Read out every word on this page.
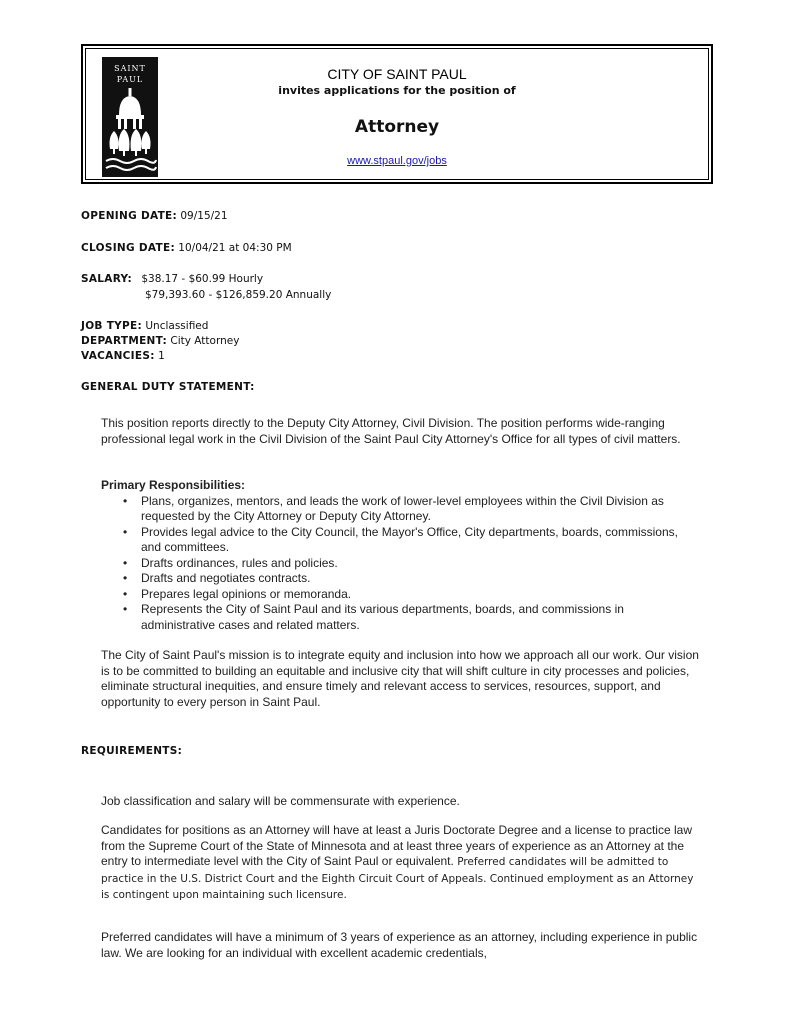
SAINT
PAUL	CITY OF SAINT PAUL
invites applications for the position of
Attorney
www.stpaul.gov/jobs
OPENING DATE: 09/15/21
CLOSING DATE: 10/04/21 at 04:30 PM
SALARY: $38.17 - $60.99 Hourly
$79,393.60 - $126,859.20 Annually
JOB TYPE: Unclassified
DEPARTMENT: City Attorney
VACANCIES: 1
GENERAL DUTY STATEMENT:
This position reports directly to the Deputy City Attorney, Civil Division. The position performs wide-ranging professional legal work in the Civil Division of the Saint Paul City Attorney's Office for all types of civil matters.
Primary Responsibilities:
• Plans, organizes, mentors, and leads the work of lower-level employees within the Civil Division as requested by the City Attorney or Deputy City Attorney.
• Provides legal advice to the City Council, the Mayor's Office, City departments, boards, commissions, and committees.
• Drafts ordinances, rules and policies.
• Drafts and negotiates contracts.
• Prepares legal opinions or memoranda.
• Represents the City of Saint Paul and its various departments, boards, and commissions in administrative cases and related matters.
The City of Saint Paul's mission is to integrate equity and inclusion into how we approach all our work. Our vision is to be committed to building an equitable and inclusive city that will shift culture in city processes and policies, eliminate structural inequities, and ensure timely and relevant access to services, resources, support, and opportunity to every person in Saint Paul.
REQUIREMENTS:
Job classification and salary will be commensurate with experience.
Candidates for positions as an Attorney will have at least a Juris Doctorate Degree and a license to practice law from the Supreme Court of the State of Minnesota and at least three years of experience as an Attorney at the entry to intermediate level with the City of Saint Paul or equivalent. Preferred candidates will be admitted to practice in the U.S. District Court and the Eighth Circuit Court of Appeals. Continued employment as an Attorney is contingent upon maintaining such licensure.
Preferred candidates will have a minimum of 3 years of experience as an attorney, including experience in public law. We are looking for an individual with excellent academic credentials,
